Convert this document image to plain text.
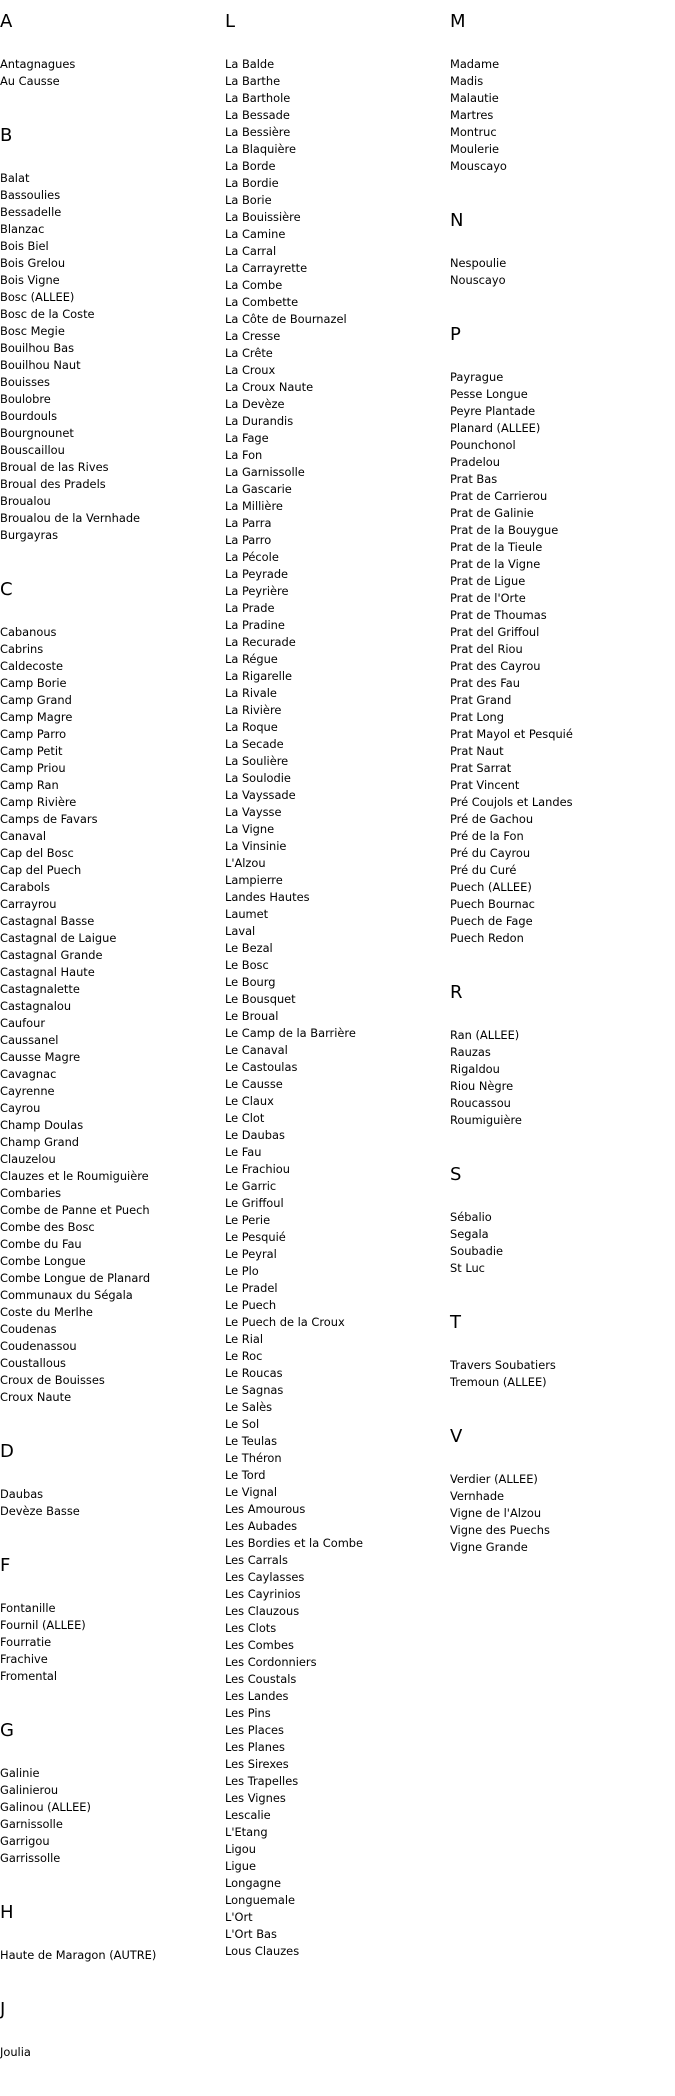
A
Antagnagues
Au Causse
B
Balat
Bassoulies
Bessadelle
Blanzac
Bois Biel
Bois Grelou
Bois Vigne
Bosc (ALLEE)
Bosc de la Coste
Bosc Megie
Bouilhou Bas
Bouilhou Naut
Bouisses
Boulobre
Bourdouls
Bourgnounet
Bouscaillou
Broual de las Rives
Broual des Pradels
Broualou
Broualou de la Vernhade
Burgayras
C
Cabanous
Cabrins
Caldecoste
Camp Borie
Camp Grand
Camp Magre
Camp Parro
Camp Petit
Camp Priou
Camp Ran
Camp Rivière
Camps de Favars
Canaval
Cap del Bosc
Cap del Puech
Carabols
Carrayrou
Castagnal Basse
Castagnal de Laigue
Castagnal Grande
Castagnal Haute
Castagnalette
Castagnalou
Caufour
Caussanel
Causse Magre
Cavagnac
Cayrenne
Cayrou
Champ Doulas
Champ Grand
Clauzelou
Clauzes et le Roumiguière
Combaries
Combe de Panne et Puech
Combe des Bosc
Combe du Fau
Combe Longue
Combe Longue de Planard
Communaux du Ségala
Coste du Merlhe
Coudenas
Coudenassou
Coustallous
Croux de Bouisses
Croux Naute
D
Daubas
Devèze Basse
F
Fontanille
Fournil (ALLEE)
Fourratie
Frachive
Fromental
G
Galinie
Galinierou
Galinou (ALLEE)
Garnissolle
Garrigou
Garrissolle
H
Haute de Maragon (AUTRE)
J
Joulia
L
La Balde
La Barthe
La Barthole
La Bessade
La Bessière
La Blaquière
La Borde
La Bordie
La Borie
La Bouissière
La Camine
La Carral
La Carrayrette
La Combe
La Combette
La Côte de Bournazel
La Cresse
La Crête
La Croux
La Croux Naute
La Devèze
La Durandis
La Fage
La Fon
La Garnissolle
La Gascarie
La Millière
La Parra
La Parro
La Pécole
La Peyrade
La Peyrière
La Prade
La Pradine
La Recurade
La Régue
La Rigarelle
La Rivale
La Rivière
La Roque
La Secade
La Soulière
La Soulodie
La Vayssade
La Vaysse
La Vigne
La Vinsinie
L'Alzou
Lampierre
Landes Hautes
Laumet
Laval
Le Bezal
Le Bosc
Le Bourg
Le Bousquet
Le Broual
Le Camp de la Barrière
Le Canaval
Le Castoulas
Le Causse
Le Claux
Le Clot
Le Daubas
Le Fau
Le Frachiou
Le Garric
Le Griffoul
Le Perie
Le Pesquié
Le Peyral
Le Plo
Le Pradel
Le Puech
Le Puech de la Croux
Le Rial
Le Roc
Le Roucas
Le Sagnas
Le Salès
Le Sol
Le Teulas
Le Théron
Le Tord
Le Vignal
Les Amourous
Les Aubades
Les Bordies et la Combe
Les Carrals
Les Caylasses
Les Cayrinios
Les Clauzous
Les Clots
Les Combes
Les Cordonniers
Les Coustals
Les Landes
Les Pins
Les Places
Les Planes
Les Sirexes
Les Trapelles
Les Vignes
Lescalie
L'Etang
Ligou
Ligue
Longagne
Longuemale
L'Ort
L'Ort Bas
Lous Clauzes
M
Madame
Madis
Malautie
Martres
Montruc
Moulerie
Mouscayo
N
Nespoulie
Nouscayo
P
Payrague
Pesse Longue
Peyre Plantade
Planard (ALLEE)
Pounchonol
Pradelou
Prat Bas
Prat de Carrierou
Prat de Galinie
Prat de la Bouygue
Prat de la Tieule
Prat de la Vigne
Prat de Ligue
Prat de l'Orte
Prat de Thoumas
Prat del Griffoul
Prat del Riou
Prat des Cayrou
Prat des Fau
Prat Grand
Prat Long
Prat Mayol et Pesquié
Prat Naut
Prat Sarrat
Prat Vincent
Pré Coujols et Landes
Pré de Gachou
Pré de la Fon
Pré du Cayrou
Pré du Curé
Puech (ALLEE)
Puech Bournac
Puech de Fage
Puech Redon
R
Ran (ALLEE)
Rauzas
Rigaldou
Riou Nègre
Roucassou
Roumiguière
S
Sébalio
Segala
Soubadie
St Luc
T
Travers Soubatiers
Tremoun (ALLEE)
V
Verdier (ALLEE)
Vernhade
Vigne de l'Alzou
Vigne des Puechs
Vigne Grande
